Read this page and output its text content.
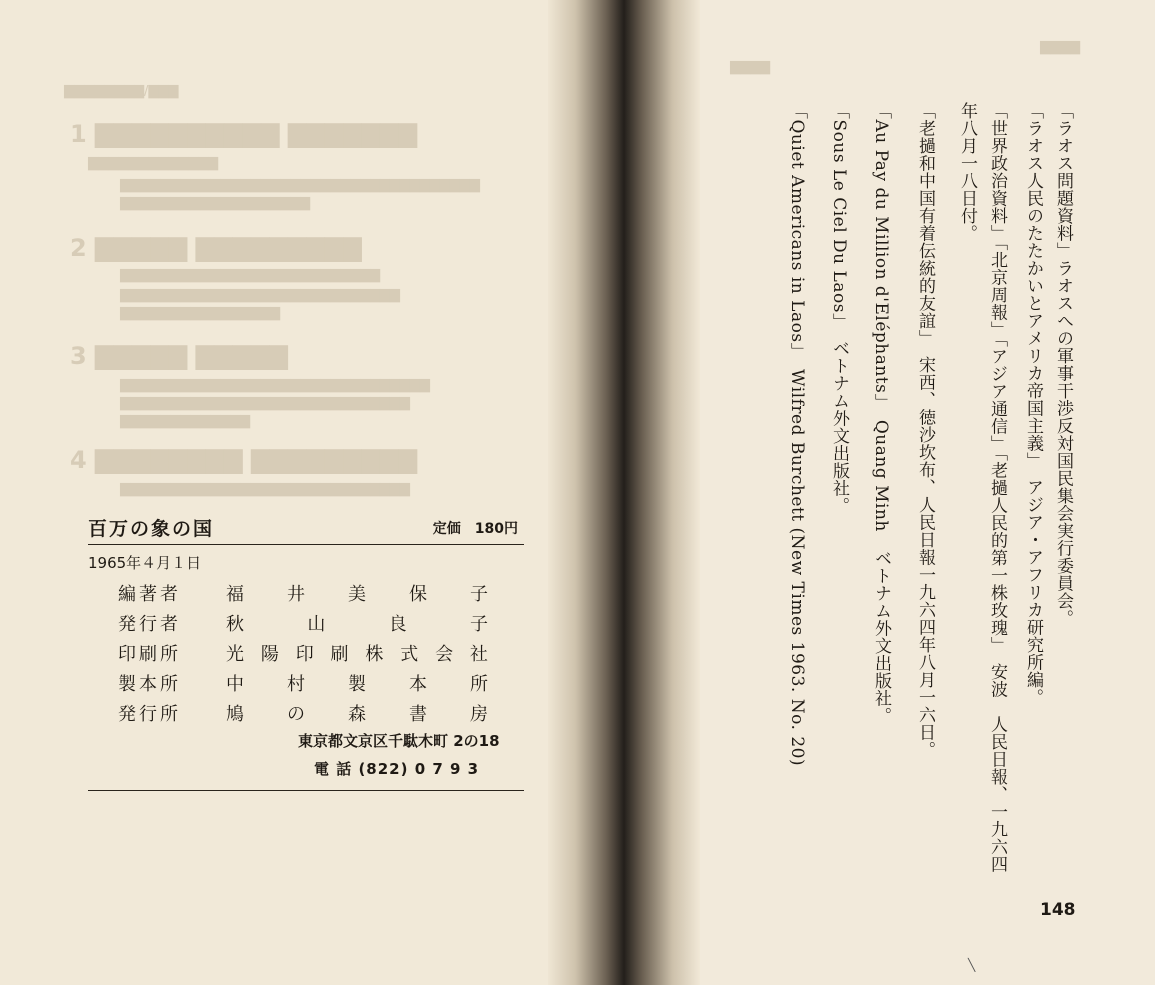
▇▇▇▇▇▇▇▇/▇▇▇
1 ▇▇▇▇▇▇▇▇▇▇ ▇▇▇▇▇▇▇
▇▇▇▇▇▇▇▇▇▇▇▇▇
▇▇▇▇▇▇▇▇▇▇▇▇▇▇▇▇▇▇▇▇▇▇▇▇▇▇▇▇▇▇▇▇▇▇▇▇
▇▇▇▇▇▇▇▇▇▇▇▇▇▇▇▇▇▇▇
2 ▇▇▇▇▇ ▇▇▇▇▇▇▇▇▇
▇▇▇▇▇▇▇▇▇▇▇▇▇▇▇▇▇▇▇▇▇▇▇▇▇▇
▇▇▇▇▇▇▇▇▇▇▇▇▇▇▇▇▇▇▇▇▇▇▇▇▇▇▇▇
▇▇▇▇▇▇▇▇▇▇▇▇▇▇▇▇
3 ▇▇▇▇▇ ▇▇▇▇▇
▇▇▇▇▇▇▇▇▇▇▇▇▇▇▇▇▇▇▇▇▇▇▇▇▇▇▇▇▇▇▇
▇▇▇▇▇▇▇▇▇▇▇▇▇▇▇▇▇▇▇▇▇▇▇▇▇▇▇▇▇
▇▇▇▇▇▇▇▇▇▇▇▇▇
4 ▇▇▇▇▇▇▇▇ ▇▇▇▇▇▇▇▇▇
▇▇▇▇▇▇▇▇▇▇▇▇▇▇▇▇▇▇▇▇▇▇▇▇▇▇▇▇▇
▇▇▇▇
▇▇▇▇
百万の象の国	定価 180円
1965年４月１日
編著者	福 井 美 保 子
発行者	秋	山	良	子
印刷所	光 陽 印 刷 株 式 会 社
製本所	中 村 製 本 所
発行所	鳩 の 森 書 房
東京都文京区千駄木町 2の18
電 話 (822) 0 7 9 3
「ラオス問題資料」ラオスへの軍事干渉反対国民集会実行委員会。
「ラオス人民のたたかいとアメリカ帝国主義」　アジア・アフリカ研究所編。
「世界政治資料」「北京周報」「アジア通信」「老撾人民的第一株玫瑰」　安波　人民日報、一九六四
年八月一八日付。
「老撾和中国有着伝統的友誼」　宋西、徳沙坎布、人民日報一九六四年八月一六日。
「Au Pay du Million d'Eléphants」　Quang Minh　ベトナム外文出版社。
「Sous Le Ciel Du Laos」　ベトナム外文出版社。
「Quiet Americans in Laos」　Wilfred Burchett (New Times 1963. No. 20)
148
╲
